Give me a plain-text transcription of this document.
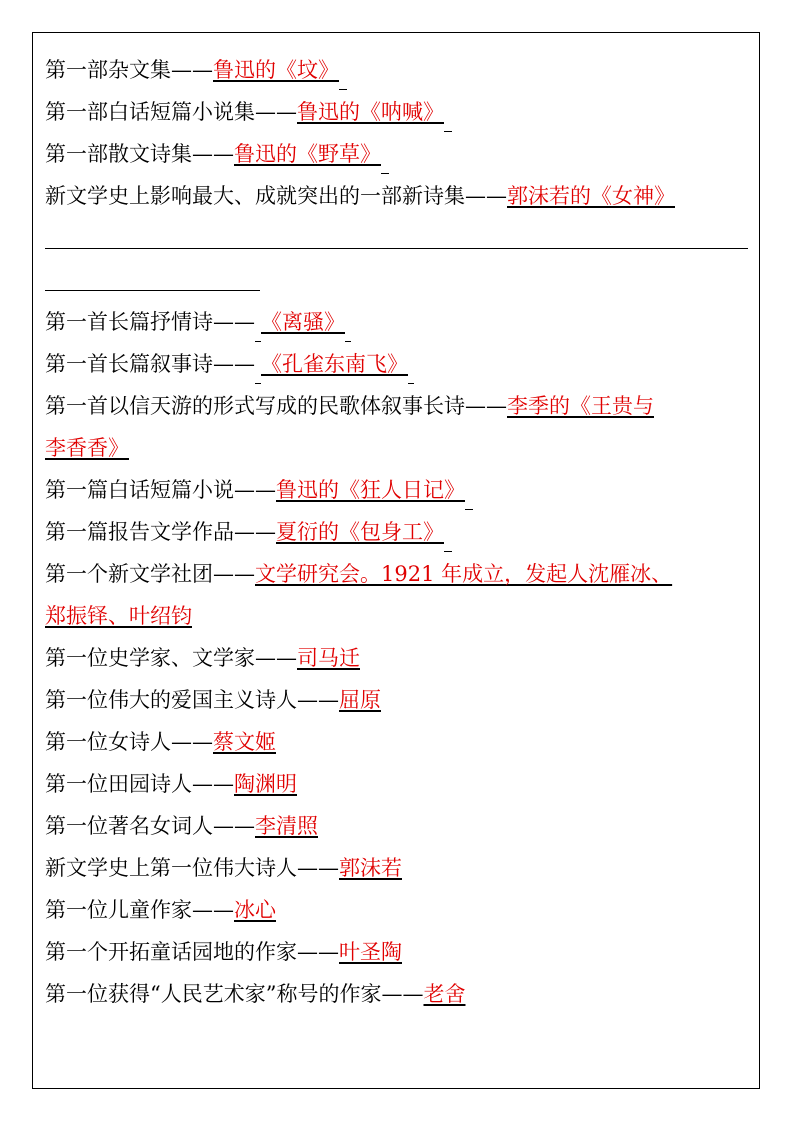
第一部杂文集——鲁迅的《坟》
第一部白话短篇小说集——鲁迅的《呐喊》
第一部散文诗集——鲁迅的《野草》
新文学史上影响最大、成就突出的一部新诗集——郭沫若的《女神》
第一首长篇抒情诗—— 《离骚》
第一首长篇叙事诗—— 《孔雀东南飞》
第一首以信天游的形式写成的民歌体叙事长诗——李季的《王贵与
李香香》
第一篇白话短篇小说——鲁迅的《狂人日记》
第一篇报告文学作品——夏衍的《包身工》
第一个新文学社团——文学研究会。1921 年成立，发起人沈雁冰、
郑振铎、叶绍钧
第一位史学家、文学家——司马迁
第一位伟大的爱国主义诗人——屈原
第一位女诗人——蔡文姬
第一位田园诗人——陶渊明
第一位著名女词人——李清照
新文学史上第一位伟大诗人——郭沫若
第一位儿童作家——冰心
第一个开拓童话园地的作家——叶圣陶
第一位获得“人民艺术家”称号的作家——老舍
